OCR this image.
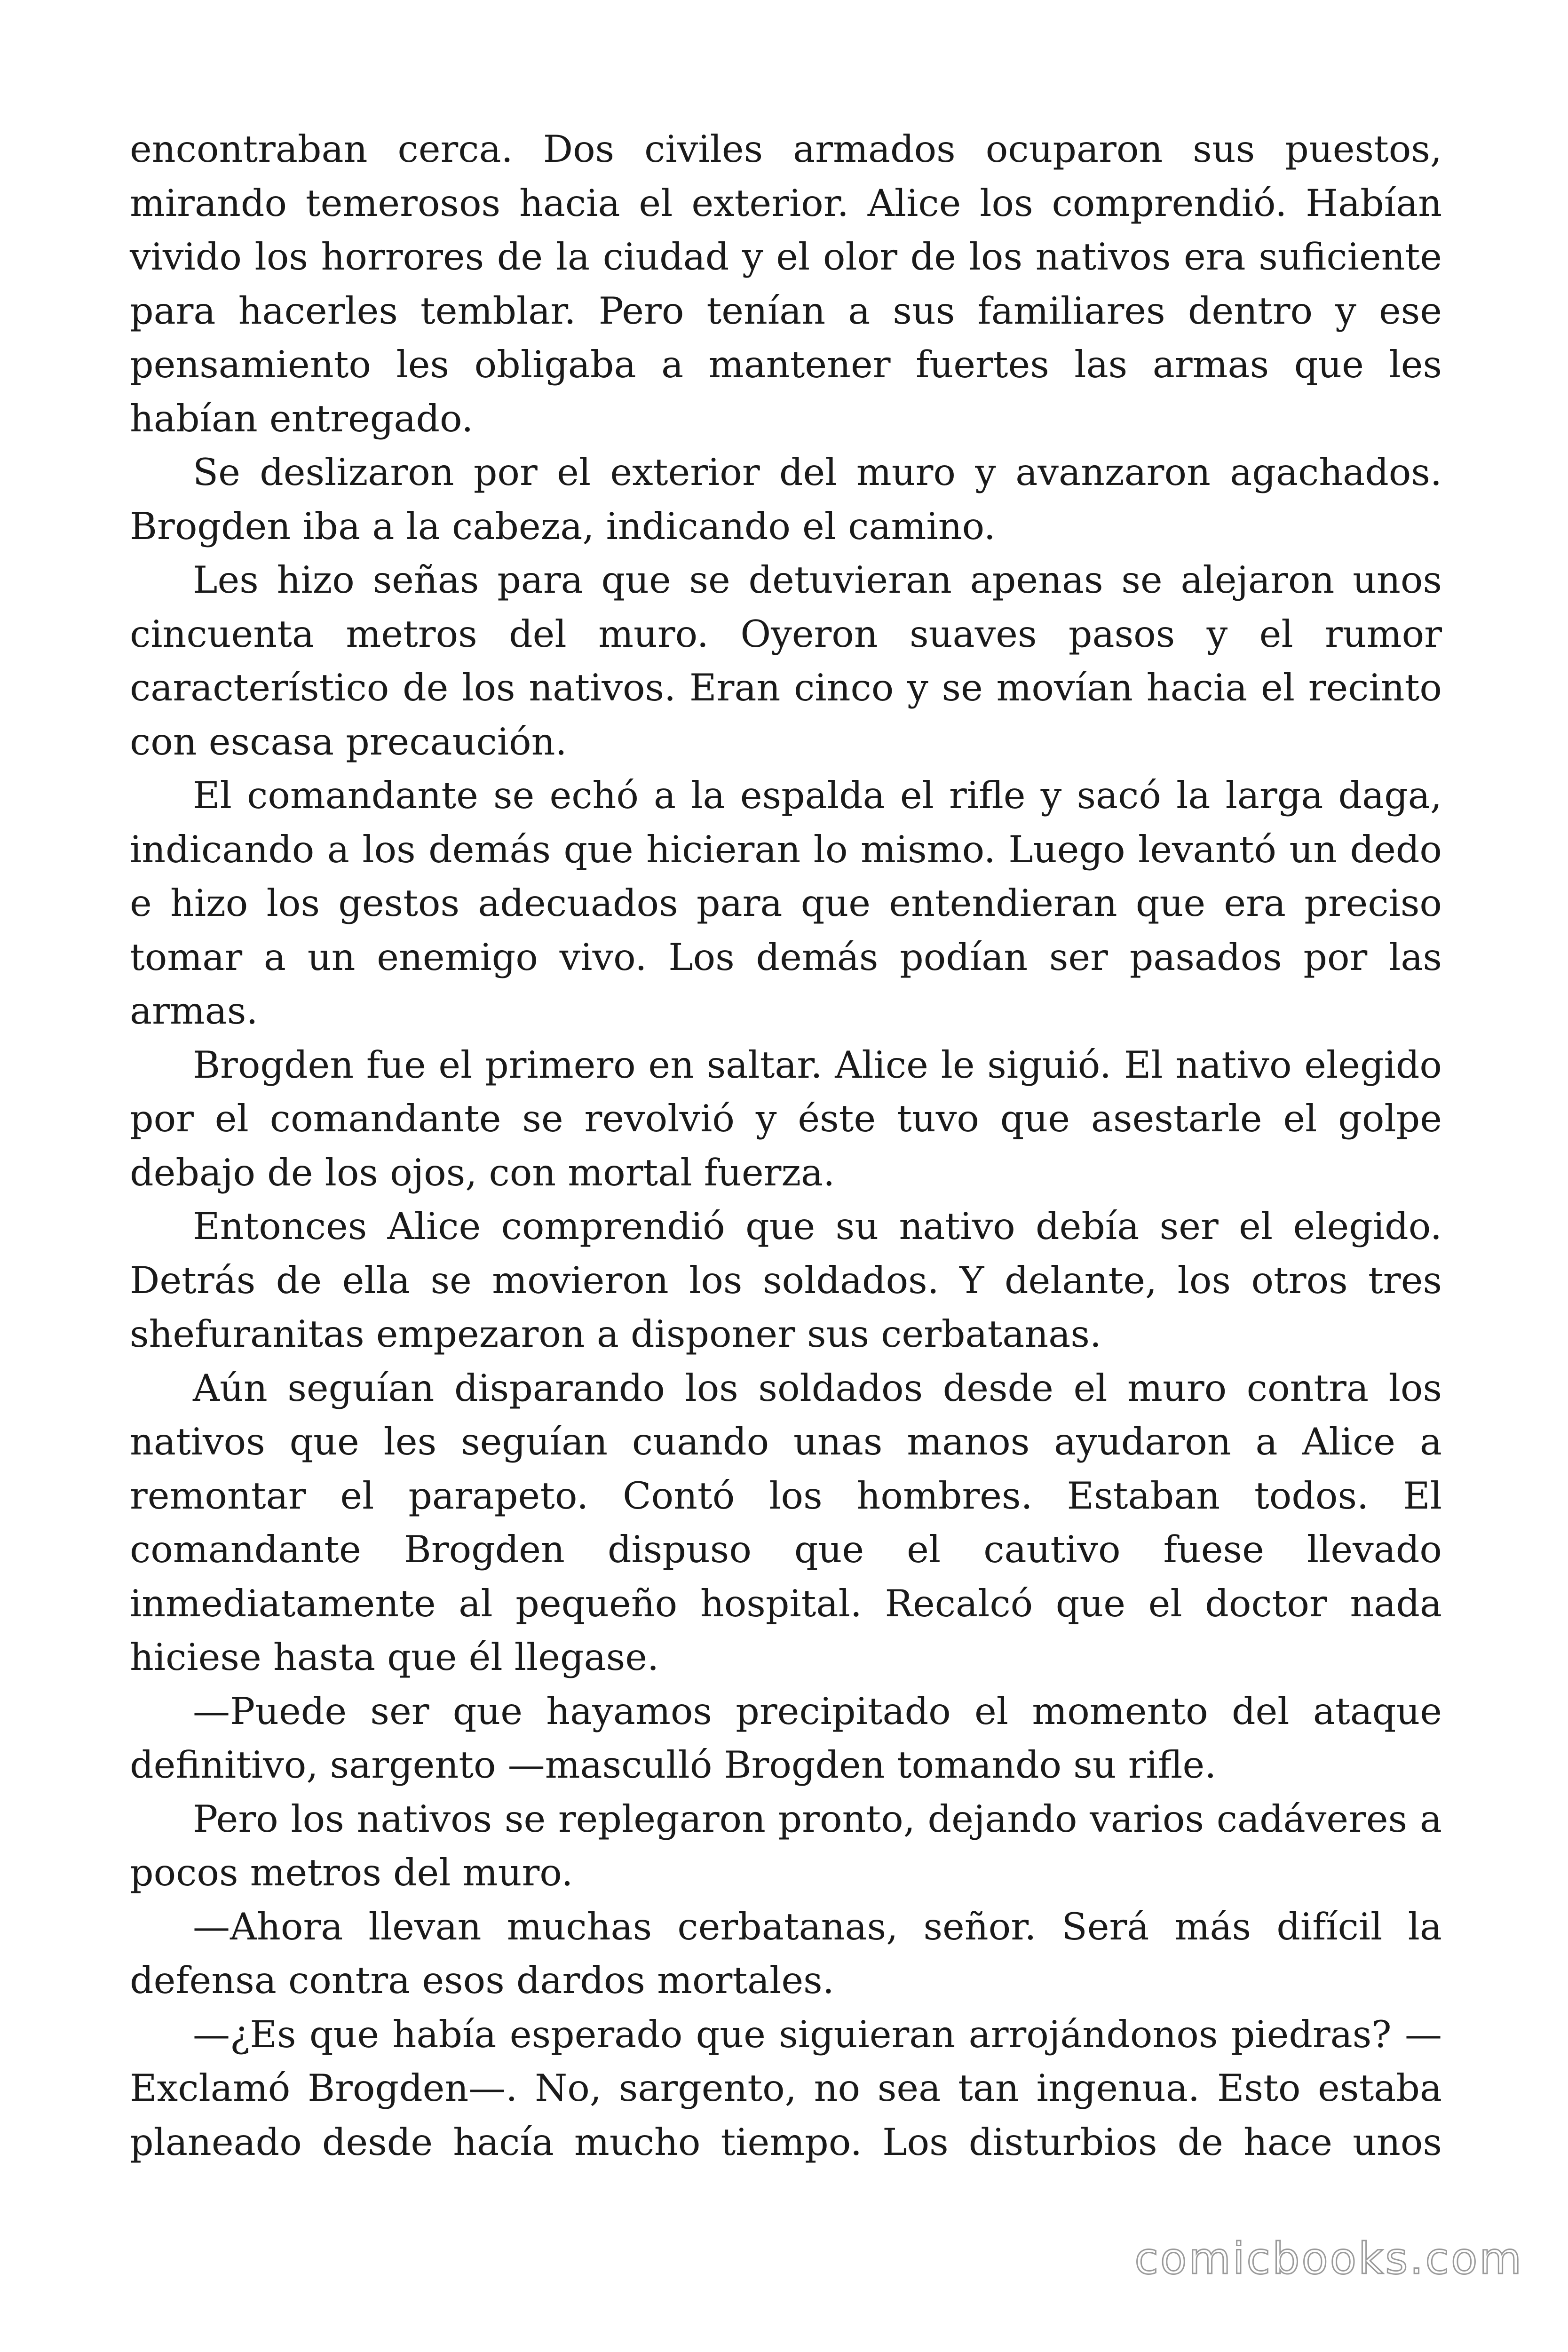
encontraban cerca. Dos civiles armados ocuparon sus puestos, mirando temerosos hacia el exterior. Alice los comprendió. Habían vivido los horrores de la ciudad y el olor de los nativos era suficiente para hacerles temblar. Pero tenían a sus familiares dentro y ese pensamiento les obligaba a mantener fuertes las armas que les habían entregado.

Se deslizaron por el exterior del muro y avanzaron agachados. Brogden iba a la cabeza, indicando el camino.

Les hizo señas para que se detuvieran apenas se alejaron unos cincuenta metros del muro. Oyeron suaves pasos y el rumor característico de los nativos. Eran cinco y se movían hacia el recinto con escasa precaución.

El comandante se echó a la espalda el rifle y sacó la larga daga, indicando a los demás que hicieran lo mismo. Luego levantó un dedo e hizo los gestos adecuados para que entendieran que era preciso tomar a un enemigo vivo. Los demás podían ser pasados por las armas.

Brogden fue el primero en saltar. Alice le siguió. El nativo elegido por el comandante se revolvió y éste tuvo que asestarle el golpe debajo de los ojos, con mortal fuerza.

Entonces Alice comprendió que su nativo debía ser el elegido. Detrás de ella se movieron los soldados. Y delante, los otros tres shefuranitas empezaron a disponer sus cerbatanas.

Aún seguían disparando los soldados desde el muro contra los nativos que les seguían cuando unas manos ayudaron a Alice a remontar el parapeto. Contó los hombres. Estaban todos. El comandante Brogden dispuso que el cautivo fuese llevado inmediatamente al pequeño hospital. Recalcó que el doctor nada hiciese hasta que él llegase.

—Puede ser que hayamos precipitado el momento del ataque definitivo, sargento —masculló Brogden tomando su rifle.

Pero los nativos se replegaron pronto, dejando varios cadáveres a pocos metros del muro.

—Ahora llevan muchas cerbatanas, señor. Será más difícil la defensa contra esos dardos mortales.

—¿Es que había esperado que siguieran arrojándonos piedras? —Exclamó Brogden—. No, sargento, no sea tan ingenua. Esto estaba planeado desde hacía mucho tiempo. Los disturbios de hace unos

comicbooks.com
